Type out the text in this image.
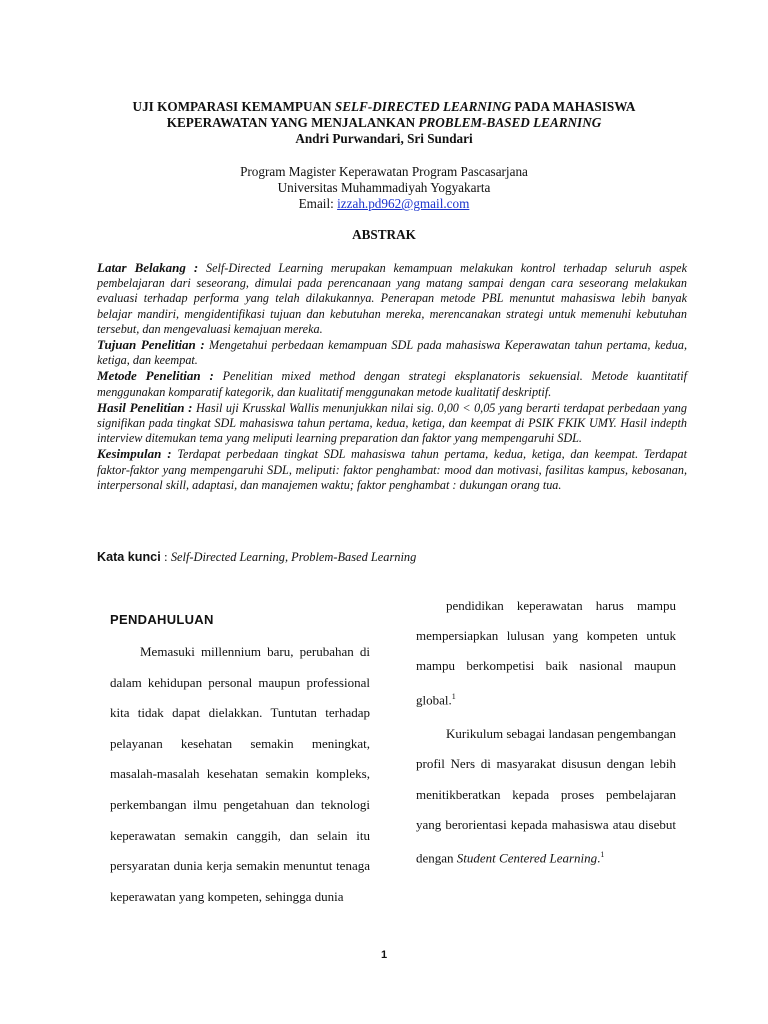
UJI KOMPARASI KEMAMPUAN SELF-DIRECTED LEARNING PADA MAHASISWA
KEPERAWATAN YANG MENJALANKAN PROBLEM-BASED LEARNING
Andri Purwandari, Sri Sundari
Program Magister Keperawatan Program Pascasarjana
Universitas Muhammadiyah Yogyakarta
Email: izzah.pd962@gmail.com
ABSTRAK

Latar Belakang : Self-Directed Learning merupakan kemampuan melakukan kontrol terhadap seluruh aspek pembelajaran dari seseorang, dimulai pada perencanaan yang matang sampai dengan cara seseorang melakukan evaluasi terhadap performa yang telah dilakukannya. Penerapan metode PBL menuntut mahasiswa lebih banyak belajar mandiri, mengidentifikasi tujuan dan kebutuhan mereka, merencanakan strategi untuk memenuhi kebutuhan tersebut, dan mengevaluasi kemajuan mereka.

Tujuan Penelitian : Mengetahui perbedaan kemampuan SDL pada mahasiswa Keperawatan tahun pertama, kedua, ketiga, dan keempat.

Metode Penelitian : Penelitian mixed method dengan strategi eksplanatoris sekuensial. Metode kuantitatif menggunakan komparatif kategorik, dan kualitatif menggunakan metode kualitatif deskriptif.

Hasil Penelitian : Hasil uji Krusskal Wallis menunjukkan nilai sig. 0,00 < 0,05 yang berarti terdapat perbedaan yang signifikan pada tingkat SDL mahasiswa tahun pertama, kedua, ketiga, dan keempat di PSIK FKIK UMY. Hasil indepth interview ditemukan tema yang meliputi learning preparation dan faktor yang mempengaruhi SDL.

Kesimpulan : Terdapat perbedaan tingkat SDL mahasiswa tahun pertama, kedua, ketiga, dan keempat. Terdapat faktor-faktor yang mempengaruhi SDL, meliputi: faktor penghambat: mood dan motivasi, fasilitas kampus, kebosanan, interpersonal skill, adaptasi, dan manajemen waktu; faktor penghambat : dukungan orang tua.

Kata kunci : Self-Directed Learning, Problem-Based Learning

PENDAHULUAN

Memasuki millennium baru, perubahan di dalam kehidupan personal maupun professional kita tidak dapat dielakkan. Tuntutan terhadap pelayanan kesehatan semakin meningkat, masalah-masalah kesehatan semakin kompleks, perkembangan ilmu pengetahuan dan teknologi keperawatan semakin canggih, dan selain itu persyaratan dunia kerja semakin menuntut tenaga keperawatan yang kompeten, sehingga dunia

pendidikan keperawatan harus mampu mempersiapkan lulusan yang kompeten untuk mampu berkompetisi baik nasional maupun global.$^1$

Kurikulum sebagai landasan pengembangan profil Ners di masyarakat disusun dengan lebih menitikberatkan kepada proses pembelajaran yang berorientasi kepada mahasiswa atau disebut dengan Student Centered Learning.$^1$

1
